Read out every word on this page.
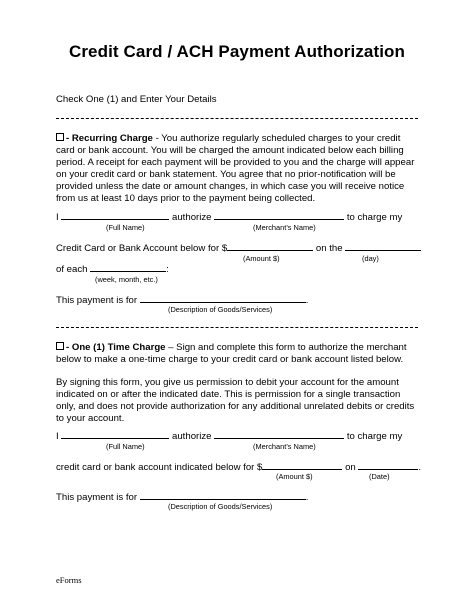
Credit Card / ACH Payment Authorization
Check One (1) and Enter Your Details
- Recurring Charge - You authorize regularly scheduled charges to your credit card or bank account. You will be charged the amount indicated below each billing period. A receipt for each payment will be provided to you and the charge will appear on your credit card or bank statement. You agree that no prior-notification will be provided unless the date or amount changes, in which case you will receive notice from us at least 10 days prior to the payment being collected.
I	authorize	to charge my
(Full Name)	(Merchant’s Name)
Credit Card or Bank Account below for $	on the
(Amount $)	(day)
of each	:
(week, month, etc.)
This payment is for	.
(Description of Goods/Services)
- One (1) Time Charge – Sign and complete this form to authorize the merchant below to make a one-time charge to your credit card or bank account listed below.
By signing this form, you give us permission to debit your account for the amount indicated on or after the indicated date. This is permission for a single transaction only, and does not provide authorization for any additional unrelated debits or credits to your account.
I	authorize	to charge my
(Full Name)	(Merchant’s Name)
credit card or bank account indicated below for $	on	.
(Amount $)	(Date)
This payment is for	.
(Description of Goods/Services)
eForms
